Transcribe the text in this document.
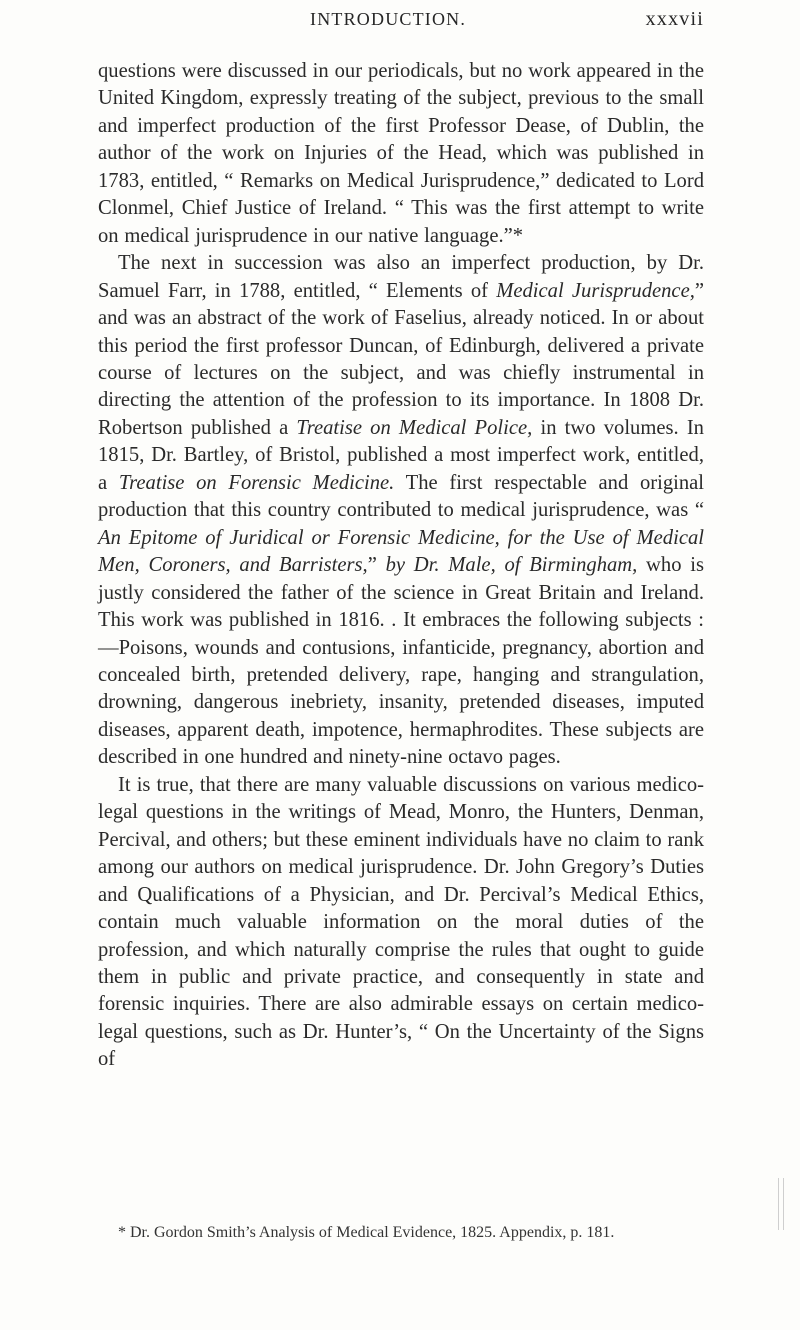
INTRODUCTION.	xxxvii

questions were discussed in our periodicals, but no work appeared in the United Kingdom, expressly treating of the subject, previous to the small and imperfect production of the first Professor Dease, of Dublin, the author of the work on Injuries of the Head, which was published in 1783, entitled, “ Remarks on Medical Jurisprudence,” dedicated to Lord Clonmel, Chief Justice of Ireland. “ This was the first attempt to write on medical jurisprudence in our native language.”*

The next in succession was also an imperfect production, by Dr. Samuel Farr, in 1788, entitled, “ Elements of Medical Jurisprudence,” and was an abstract of the work of Faselius, already noticed. In or about this period the first professor Duncan, of Edinburgh, delivered a private course of lectures on the subject, and was chiefly instrumental in directing the attention of the profession to its importance. In 1808 Dr. Robertson published a Treatise on Medical Police, in two volumes. In 1815, Dr. Bartley, of Bristol, published a most imperfect work, entitled, a Treatise on Forensic Medicine. The first respectable and original production that this country contributed to medical jurisprudence, was “ An Epitome of Juridical or Forensic Medicine, for the Use of Medical Men, Coroners, and Barristers,” by Dr. Male, of Birmingham, who is justly considered the father of the science in Great Britain and Ireland. This work was published in 1816. . It embraces the following subjects :—Poisons, wounds and contusions, infanticide, pregnancy, abortion and concealed birth, pretended delivery, rape, hanging and strangulation, drowning, dangerous inebriety, insanity, pretended diseases, imputed diseases, apparent death, impotence, hermaphrodites. These subjects are described in one hundred and ninety-nine octavo pages.

It is true, that there are many valuable discussions on various medico-legal questions in the writings of Mead, Monro, the Hunters, Denman, Percival, and others; but these eminent individuals have no claim to rank among our authors on medical jurisprudence. Dr. John Gregory’s Duties and Qualifications of a Physician, and Dr. Percival’s Medical Ethics, contain much valuable information on the moral duties of the profession, and which naturally comprise the rules that ought to guide them in public and private practice, and consequently in state and forensic inquiries. There are also admirable essays on certain medico-legal questions, such as Dr. Hunter’s, “ On the Uncertainty of the Signs of

* Dr. Gordon Smith’s Analysis of Medical Evidence, 1825. Appendix, p. 181.
